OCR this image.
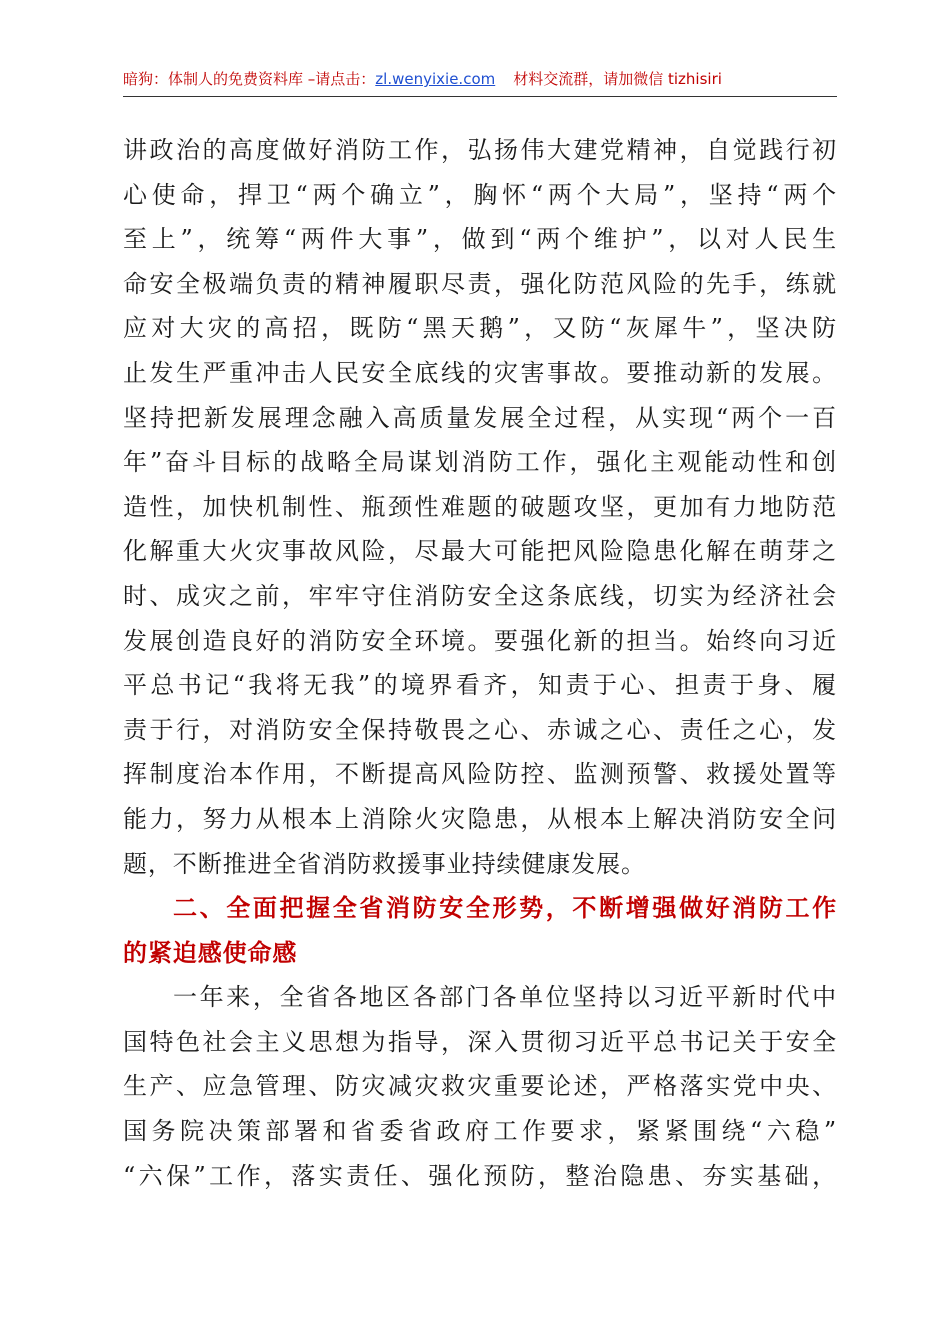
暗狗：体制人的免费资料库 –请点击：zl.wenyixie.com 材料交流群，请加微信 tizhisiri
讲政治的高度做好消防工作，弘扬伟大建党精神，自觉践行初
心使命，捍卫“两个确立”，胸怀“两个大局”，坚持“两个
至上”，统筹“两件大事”，做到“两个维护”，以对人民生
命安全极端负责的精神履职尽责，强化防范风险的先手，练就
应对大灾的高招，既防“黑天鹅”，又防“灰犀牛”，坚决防
止发生严重冲击人民安全底线的灾害事故。要推动新的发展。
坚持把新发展理念融入高质量发展全过程，从实现“两个一百
年”奋斗目标的战略全局谋划消防工作，强化主观能动性和创
造性，加快机制性、瓶颈性难题的破题攻坚，更加有力地防范
化解重大火灾事故风险，尽最大可能把风险隐患化解在萌芽之
时、成灾之前，牢牢守住消防安全这条底线，切实为经济社会
发展创造良好的消防安全环境。要强化新的担当。始终向习近
平总书记“我将无我”的境界看齐，知责于心、担责于身、履
责于行，对消防安全保持敬畏之心、赤诚之心、责任之心，发
挥制度治本作用，不断提高风险防控、监测预警、救援处置等
能力，努力从根本上消除火灾隐患，从根本上解决消防安全问
题，不断推进全省消防救援事业持续健康发展。
二、全面把握全省消防安全形势，不断增强做好消防工作
的紧迫感使命感
一年来，全省各地区各部门各单位坚持以习近平新时代中
国特色社会主义思想为指导，深入贯彻习近平总书记关于安全
生产、应急管理、防灾减灾救灾重要论述，严格落实党中央、
国务院决策部署和省委省政府工作要求，紧紧围绕“六稳”
“六保”工作，落实责任、强化预防，整治隐患、夯实基础，
